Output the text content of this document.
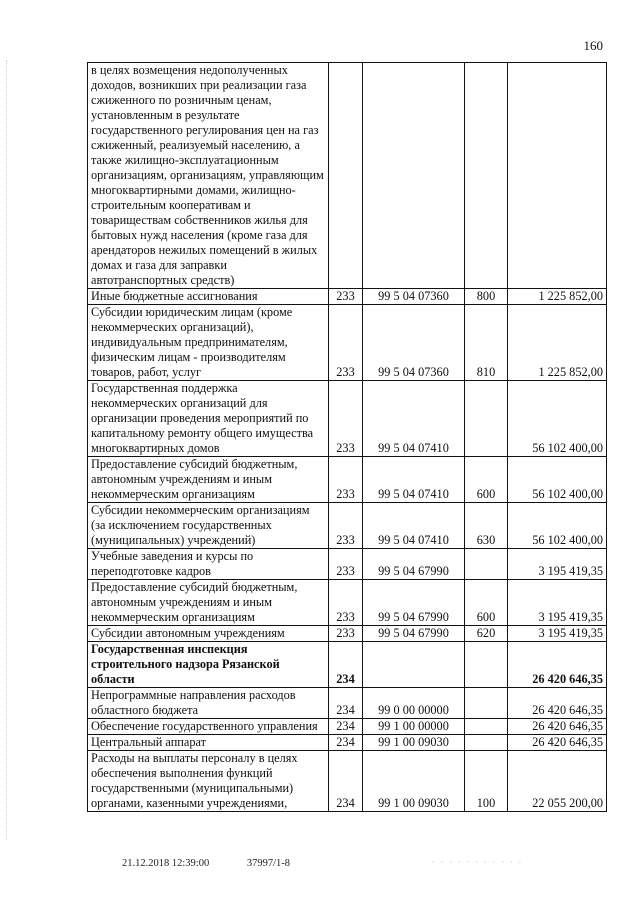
160
в целях возмещения недополученных доходов, возникших при реализации газа сжиженного по розничным ценам, установленным в результате государственного регулирования цен на газ сжиженный, реализуемый населению, а также жилищно-эксплуатационным организациям, организациям, управляющим многоквартирными домами, жилищно-строительным кооперативам и товариществам собственников жилья для бытовых нужд населения (кроме газа для арендаторов нежилых помещений в жилых домах и газа для заправки автотранспортных средств)				
Иные бюджетные ассигнования	233	99 5 04 07360	800	1 225 852,00
Субсидии юридическим лицам (кроме некоммерческих организаций), индивидуальным предпринимателям, физическим лицам - производителям товаров, работ, услуг	233	99 5 04 07360	810	1 225 852,00
Государственная поддержка некоммерческих организаций для организации проведения мероприятий по капитальному ремонту общего имущества многоквартирных домов	233	99 5 04 07410		56 102 400,00
Предоставление субсидий бюджетным, автономным учреждениям и иным некоммерческим организациям	233	99 5 04 07410	600	56 102 400,00
Субсидии некоммерческим организациям (за исключением государственных (муниципальных) учреждений)	233	99 5 04 07410	630	56 102 400,00
Учебные заведения и курсы по переподготовке кадров	233	99 5 04 67990		3 195 419,35
Предоставление субсидий бюджетным, автономным учреждениям и иным некоммерческим организациям	233	99 5 04 67990	600	3 195 419,35
Субсидии автономным учреждениям	233	99 5 04 67990	620	3 195 419,35
Государственная инспекция строительного надзора Рязанской области	234			26 420 646,35
Непрограммные направления расходов областного бюджета	234	99 0 00 00000		26 420 646,35
Обеспечение государственного управления	234	99 1 00 00000		26 420 646,35
Центральный аппарат	234	99 1 00 09030		26 420 646,35
Расходы на выплаты персоналу в целях обеспечения выполнения функций государственными (муниципальными) органами, казенными учреждениями,	234	99 1 00 09030	100	22 055 200,00
21.12.2018 12:39:00	37997/1-8	· · · · · · · · · · ·
